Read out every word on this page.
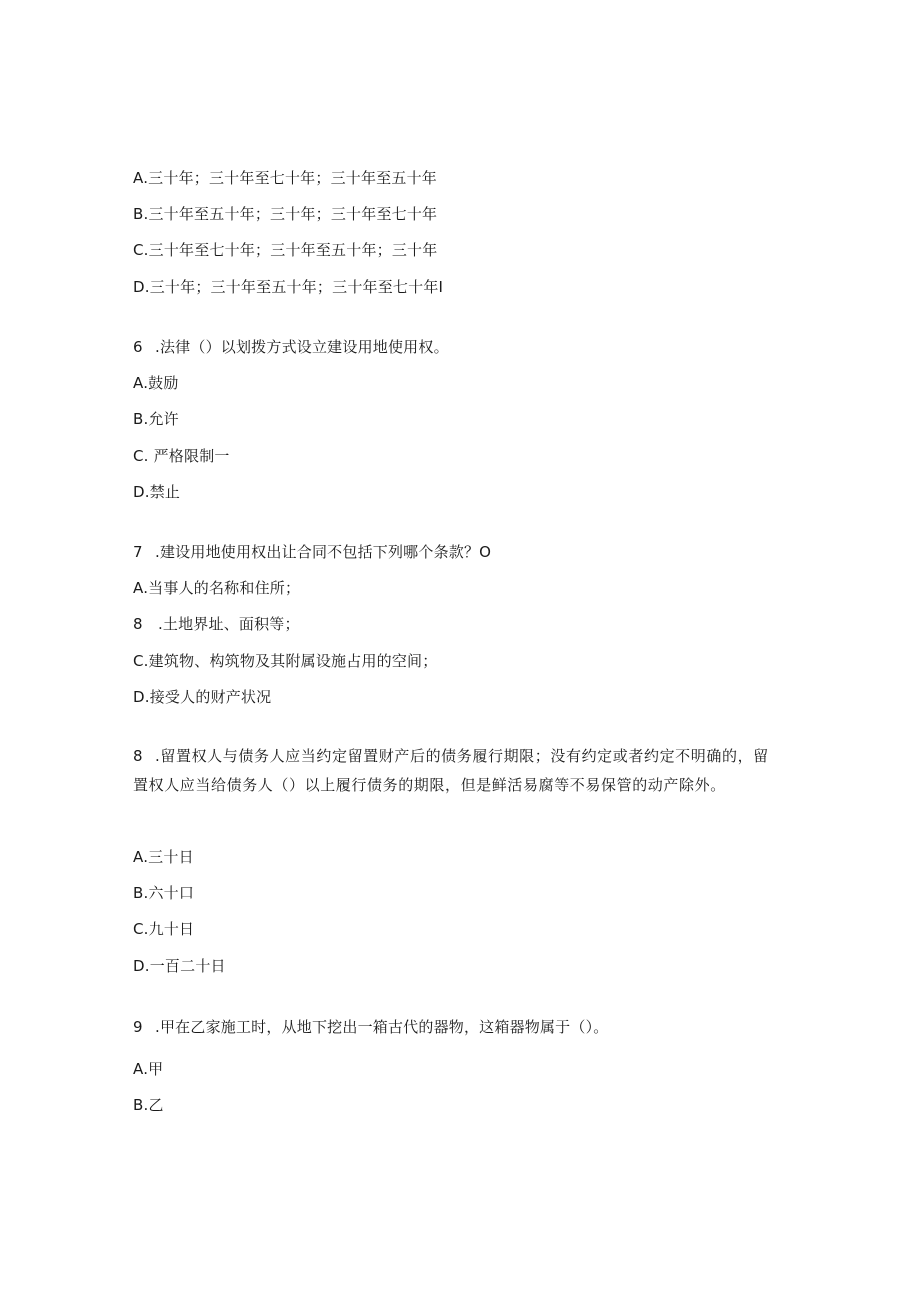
A.三十年；三十年至七十年；三十年至五十年
B.三十年至五十年；三十年；三十年至七十年
C.三十年至七十年；三十年至五十年；三十年
D.三十年；三十年至五十年；三十年至七十年I
6 .法律（）以划拨方式设立建设用地使用权。
A.鼓励
B.允许
C. 严格限制一
D.禁止
7 .建设用地使用权出让合同不包括下列哪个条款？O
A.当事人的名称和住所；
8　.土地界址、面积等；
C.建筑物、构筑物及其附属设施占用的空间；
D.接受人的财产状况
8 .留置权人与债务人应当约定留置财产后的债务履行期限；没有约定或者约定不明确的，留置权人应当给债务人（）以上履行债务的期限，但是鲜活易腐等不易保管的动产除外。
A.三十日
B.六十口
C.九十日
D.一百二十日
9 .甲在乙家施工时，从地下挖出一箱古代的器物，这箱器物属于（）。
A.甲
B.乙
